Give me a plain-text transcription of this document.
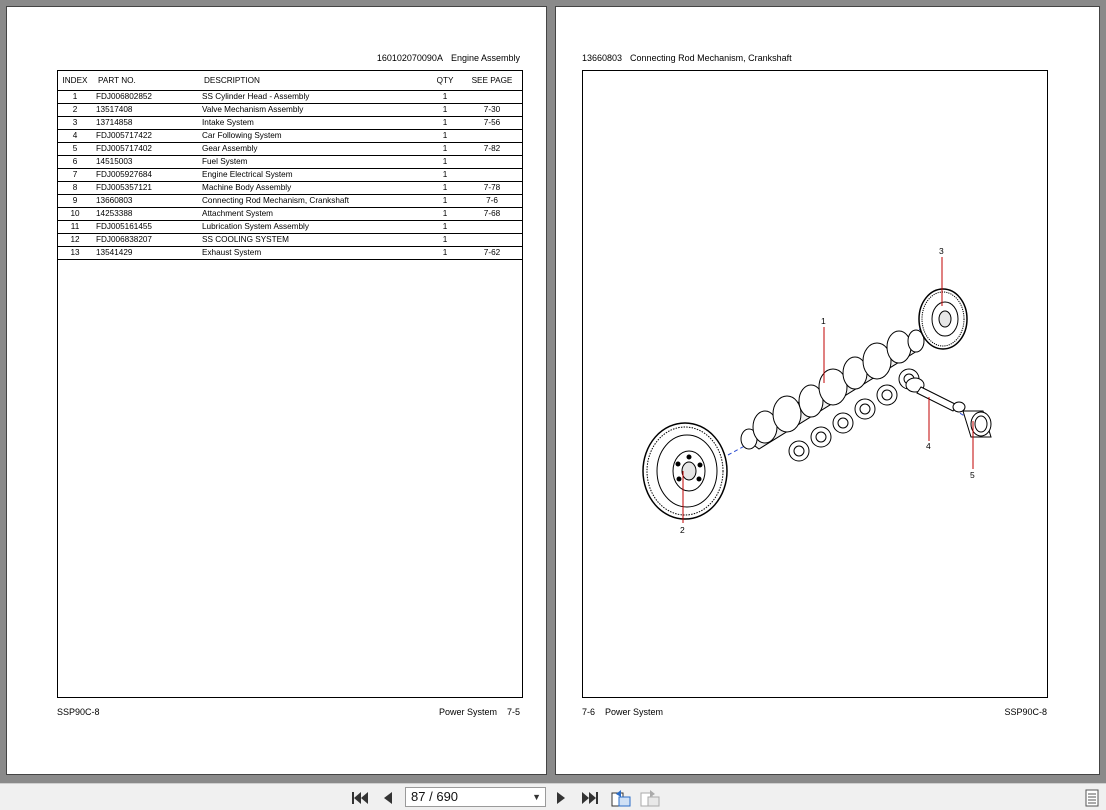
160102070090A Engine Assembly
INDEX	PART NO.	DESCRIPTION	QTY	SEE PAGE
1	FDJ006802852	SS Cylinder Head - Assembly	1	
2	13517408	Valve Mechanism Assembly	1	7-30
3	13714858	Intake System	1	7-56
4	FDJ005717422	Car Following System	1	
5	FDJ005717402	Gear Assembly	1	7-82
6	14515003	Fuel System	1	
7	FDJ005927684	Engine Electrical System	1	
8	FDJ005357121	Machine Body Assembly	1	7-78
9	13660803	Connecting Rod Mechanism, Crankshaft	1	7-6
10	14253388	Attachment System	1	7-68
11	FDJ005161455	Lubrication System Assembly	1	
12	FDJ006838207	SS COOLING SYSTEM	1	
13	13541429	Exhaust System	1	7-62
SSP90C-8	Power System 7-5
13660803 Connecting Rod Mechanism, Crankshaft
3
1
2
4
5
7-6 Power System	SSP90C-8
87 / 690	▼
